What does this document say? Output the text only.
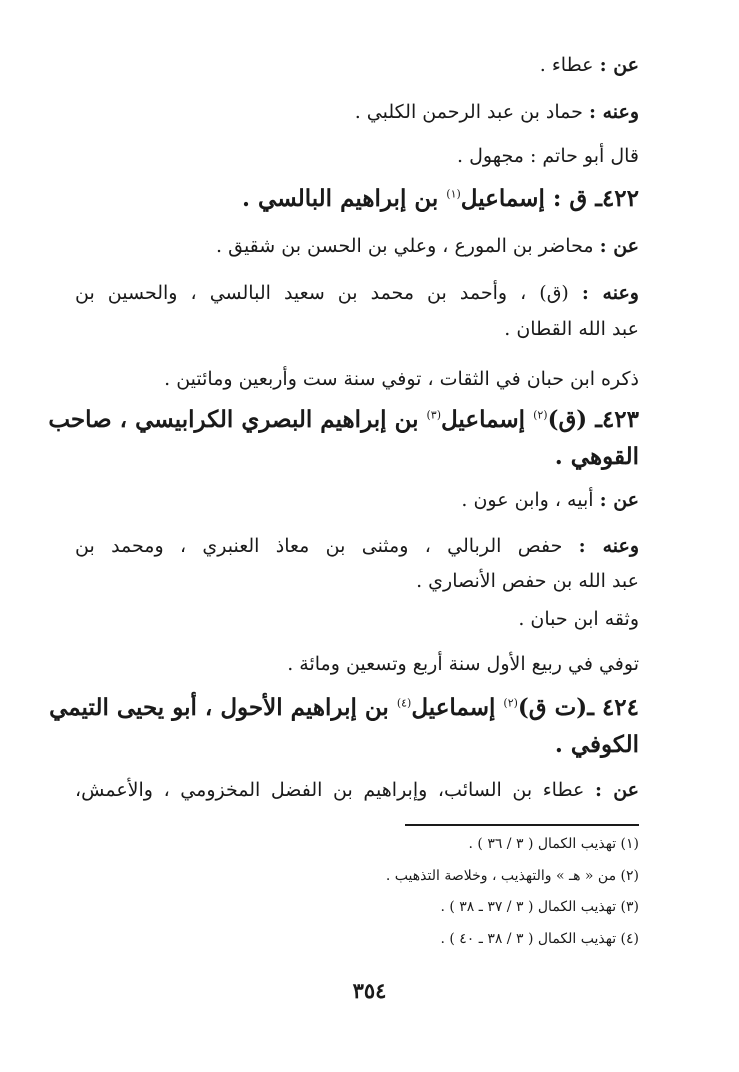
عن : عطاء .
وعنه : حماد بن عبد الرحمن الكلبي .
قال أبو حاتم : مجهول .
٤٢٢ـ ق : إسماعيل$^{(١)}$ بن إبراهيم البالسي .
عن : محاضر بن المورع ، وعلي بن الحسن بن شقيق .
وعنه : (ق) ، وأحمد بن محمد بن سعيد البالسي ، والحسين بن
عبد الله القطان .
ذكره ابن حبان في الثقات ، توفي سنة ست وأربعين ومائتين .
٤٢٣ـ (ق)$^{(٢)}$ إسماعيل$^{(٣)}$ بن إبراهيم البصري الكرابيسي ، صاحب
القوهي .
عن : أبيه ، وابن عون .
وعنه : حفص الربالي ، ومثنى بن معاذ العنبري ، ومحمد بن
عبد الله بن حفص الأنصاري .
وثقه ابن حبان .
توفي في ربيع الأول سنة أربع وتسعين ومائة .
٤٢٤ ـ(ت ق)$^{(٢)}$ إسماعيل$^{(٤)}$ بن إبراهيم الأحول ، أبو يحيى التيمي
الكوفي .
عن : عطاء بن السائب، وإبراهيم بن الفضل المخزومي ، والأعمش،
(١) تهذيب الكمال ( ٣ / ٣٦ ) .
(٢) من « هـ » والتهذيب ، وخلاصة التذهيب .
(٣) تهذيب الكمال ( ٣ / ٣٧ ـ ٣٨ ) .
(٤) تهذيب الكمال ( ٣ / ٣٨ ـ ٤٠ ) .
٣٥٤
